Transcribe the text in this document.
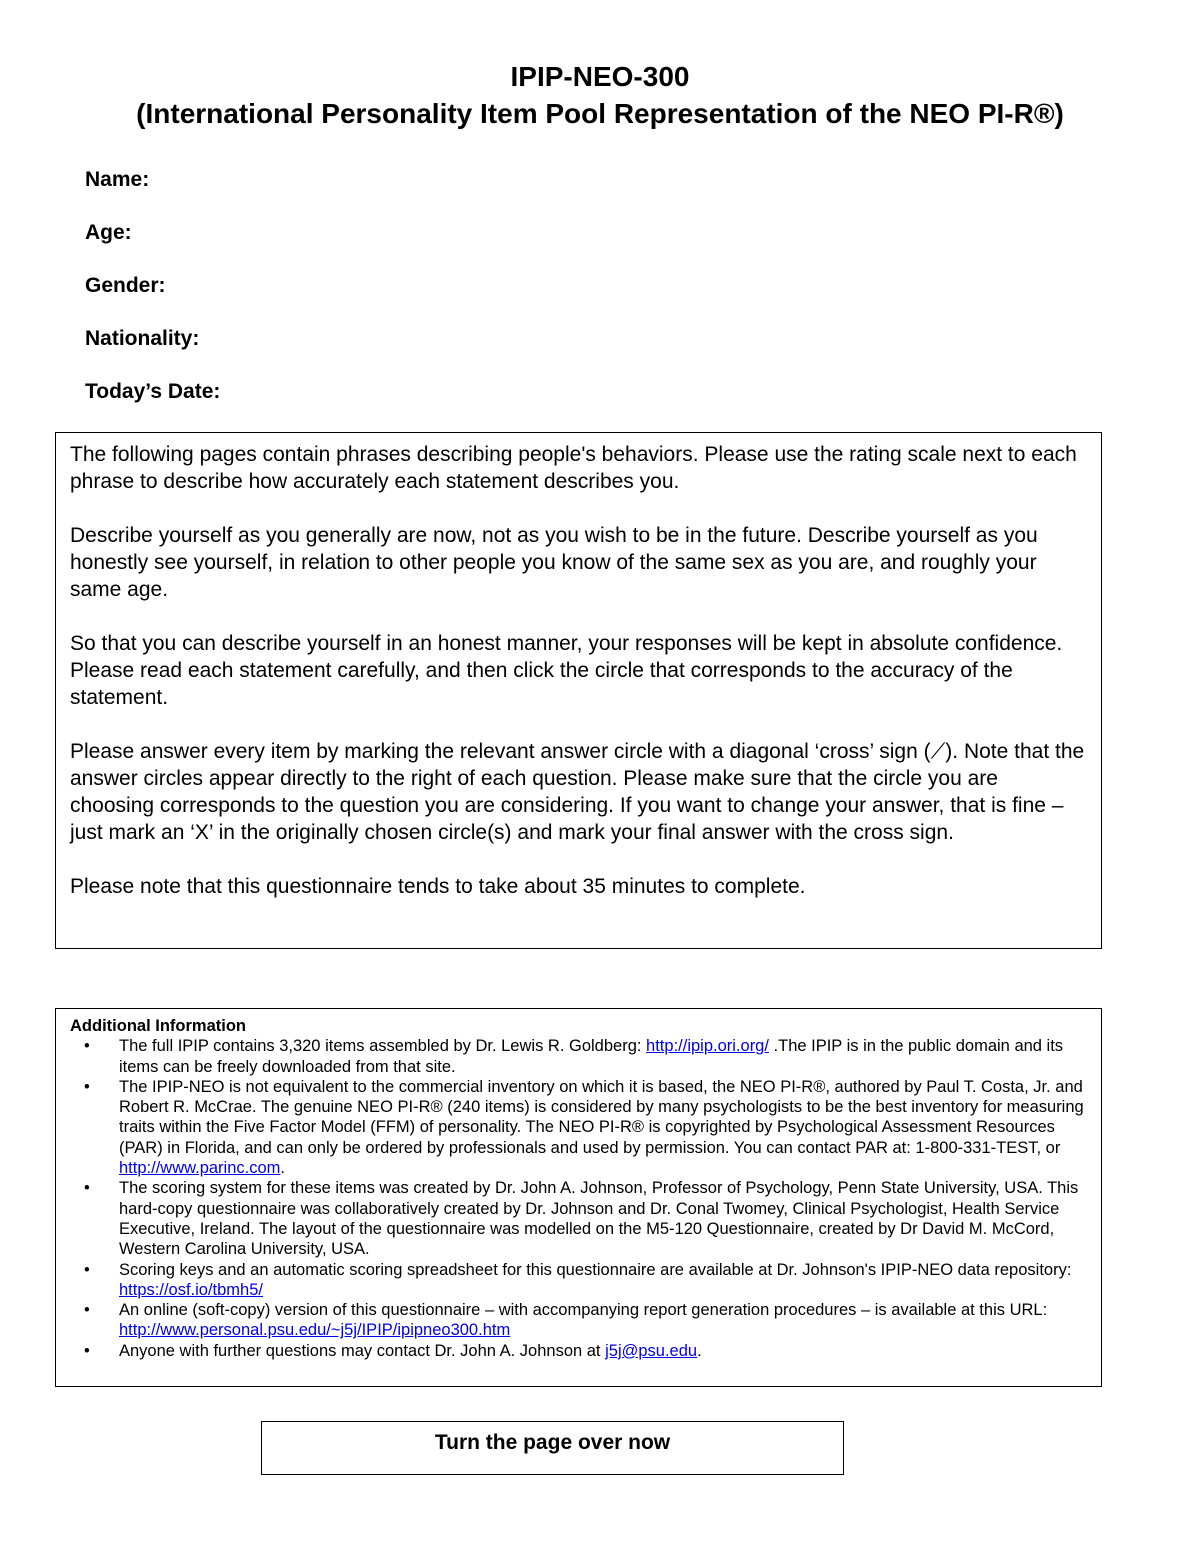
IPIP-NEO-300
(International Personality Item Pool Representation of the NEO PI-R®)
Name:
Age:
Gender:
Nationality:
Today’s Date:

The following pages contain phrases describing people's behaviors. Please use the rating scale next to each phrase to describe how accurately each statement describes you.

Describe yourself as you generally are now, not as you wish to be in the future. Describe yourself as you honestly see yourself, in relation to other people you know of the same sex as you are, and roughly your same age.

So that you can describe yourself in an honest manner, your responses will be kept in absolute confidence. Please read each statement carefully, and then click the circle that corresponds to the accuracy of the statement.

Please answer every item by marking the relevant answer circle with a diagonal ‘cross’ sign (⟋). Note that the answer circles appear directly to the right of each question. Please make sure that the circle you are choosing corresponds to the question you are considering. If you want to change your answer, that is fine – just mark an ‘X’ in the originally chosen circle(s) and mark your final answer with the cross sign.

Please note that this questionnaire tends to take about 35 minutes to complete.

Additional Information
• The full IPIP contains 3,320 items assembled by Dr. Lewis R. Goldberg: http://ipip.ori.org/ .The IPIP is in the public domain and its items can be freely downloaded from that site.
• The IPIP-NEO is not equivalent to the commercial inventory on which it is based, the NEO PI-R®, authored by Paul T. Costa, Jr. and Robert R. McCrae. The genuine NEO PI-R® (240 items) is considered by many psychologists to be the best inventory for measuring traits within the Five Factor Model (FFM) of personality. The NEO PI-R® is copyrighted by Psychological Assessment Resources (PAR) in Florida, and can only be ordered by professionals and used by permission. You can contact PAR at: 1-800-331-TEST, or http://www.parinc.com.
• The scoring system for these items was created by Dr. John A. Johnson, Professor of Psychology, Penn State University, USA. This hard-copy questionnaire was collaboratively created by Dr. Johnson and Dr. Conal Twomey, Clinical Psychologist, Health Service Executive, Ireland. The layout of the questionnaire was modelled on the M5-120 Questionnaire, created by Dr David M. McCord, Western Carolina University, USA.
• Scoring keys and an automatic scoring spreadsheet for this questionnaire are available at Dr. Johnson's IPIP-NEO data repository: https://osf.io/tbmh5/
• An online (soft-copy) version of this questionnaire – with accompanying report generation procedures – is available at this URL: http://www.personal.psu.edu/~j5j/IPIP/ipipneo300.htm
• Anyone with further questions may contact Dr. John A. Johnson at j5j@psu.edu.
Turn the page over now
